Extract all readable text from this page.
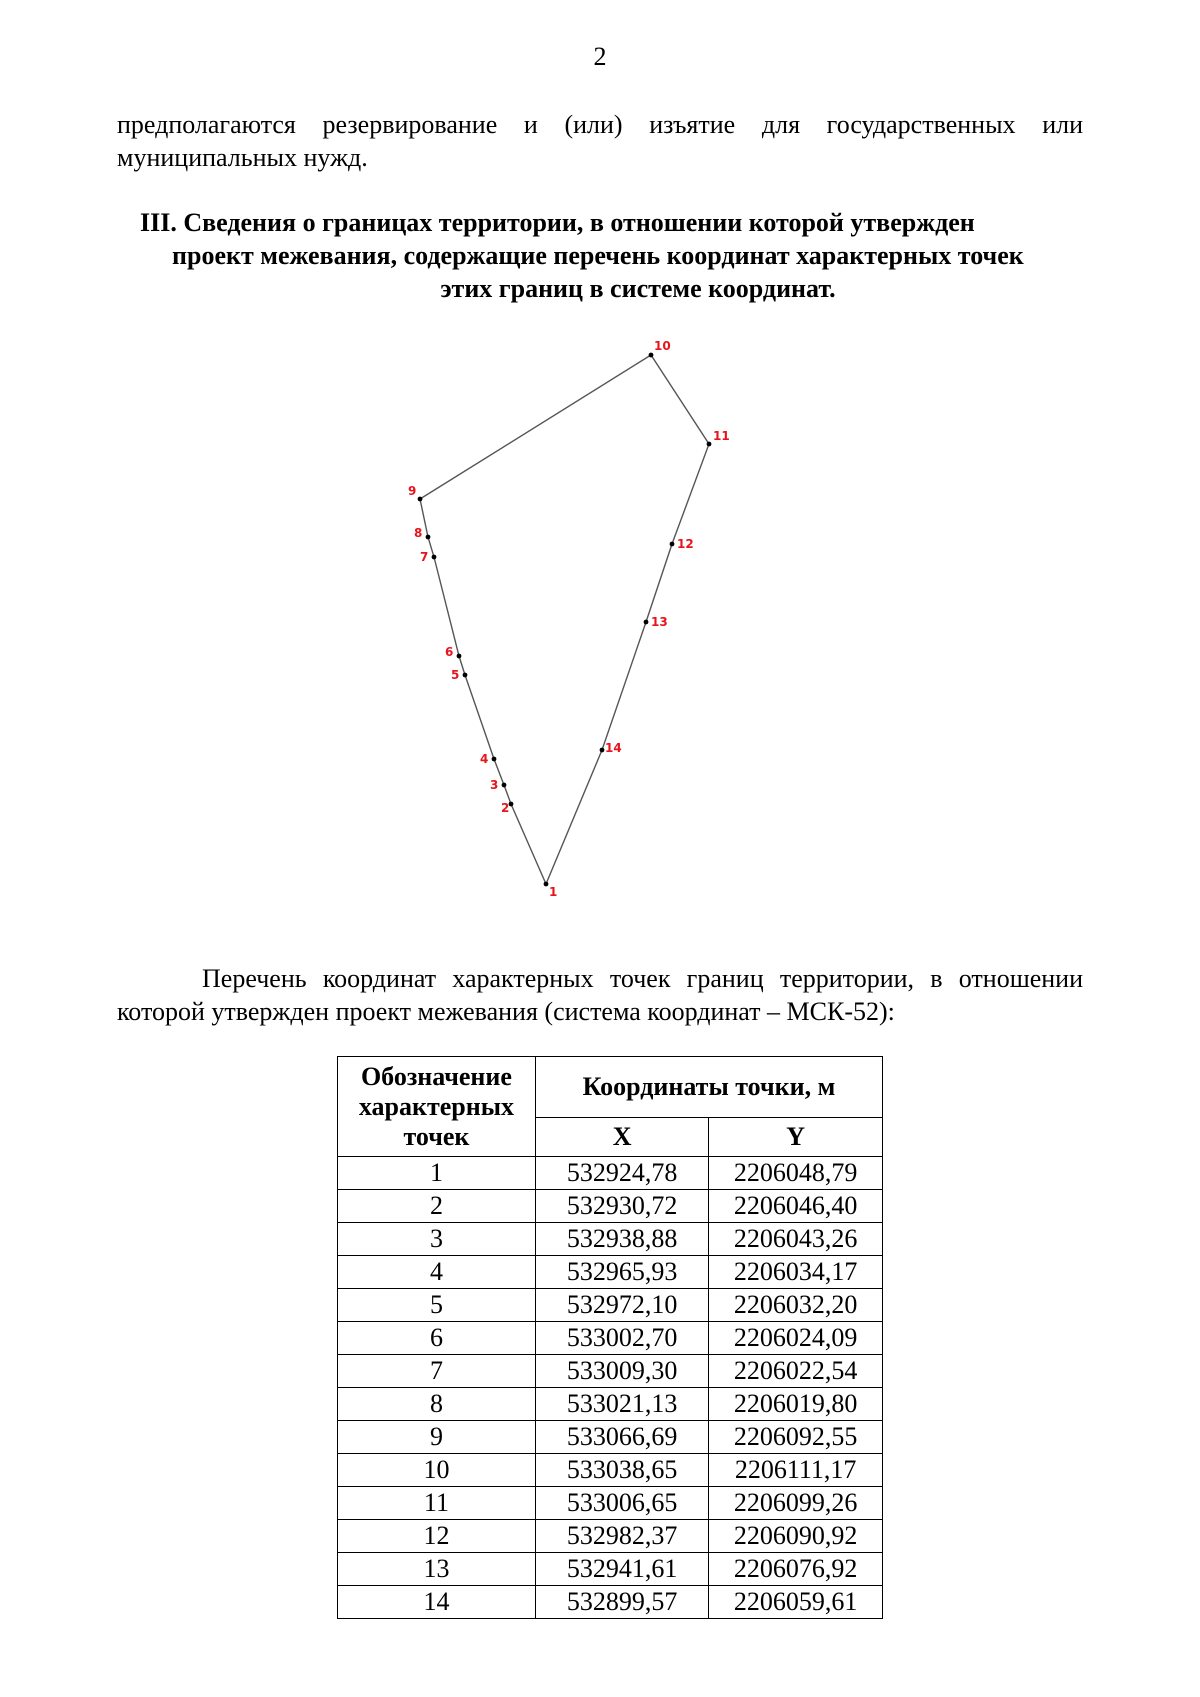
2
предполагаются резервирование и (или) изъятие для государственных или муниципальных нужд.
III. Сведения о границах территории, в отношении которой утвержден
проект межевания, содержащие перечень координат характерных точек
этих границ в системе координат.
1
2
3
4
5
6
7
8
9
10
11
12
13
14
Перечень координат характерных точек границ территории, в отношении которой утвержден проект межевания (система координат – МСК-52):
Обозначение характерных точек	Координаты точки, м	
	X	Y
1	532924,78	2206048,79
2	532930,72	2206046,40
3	532938,88	2206043,26
4	532965,93	2206034,17
5	532972,10	2206032,20
6	533002,70	2206024,09
7	533009,30	2206022,54
8	533021,13	2206019,80
9	533066,69	2206092,55
10	533038,65	2206111,17
11	533006,65	2206099,26
12	532982,37	2206090,92
13	532941,61	2206076,92
14	532899,57	2206059,61
